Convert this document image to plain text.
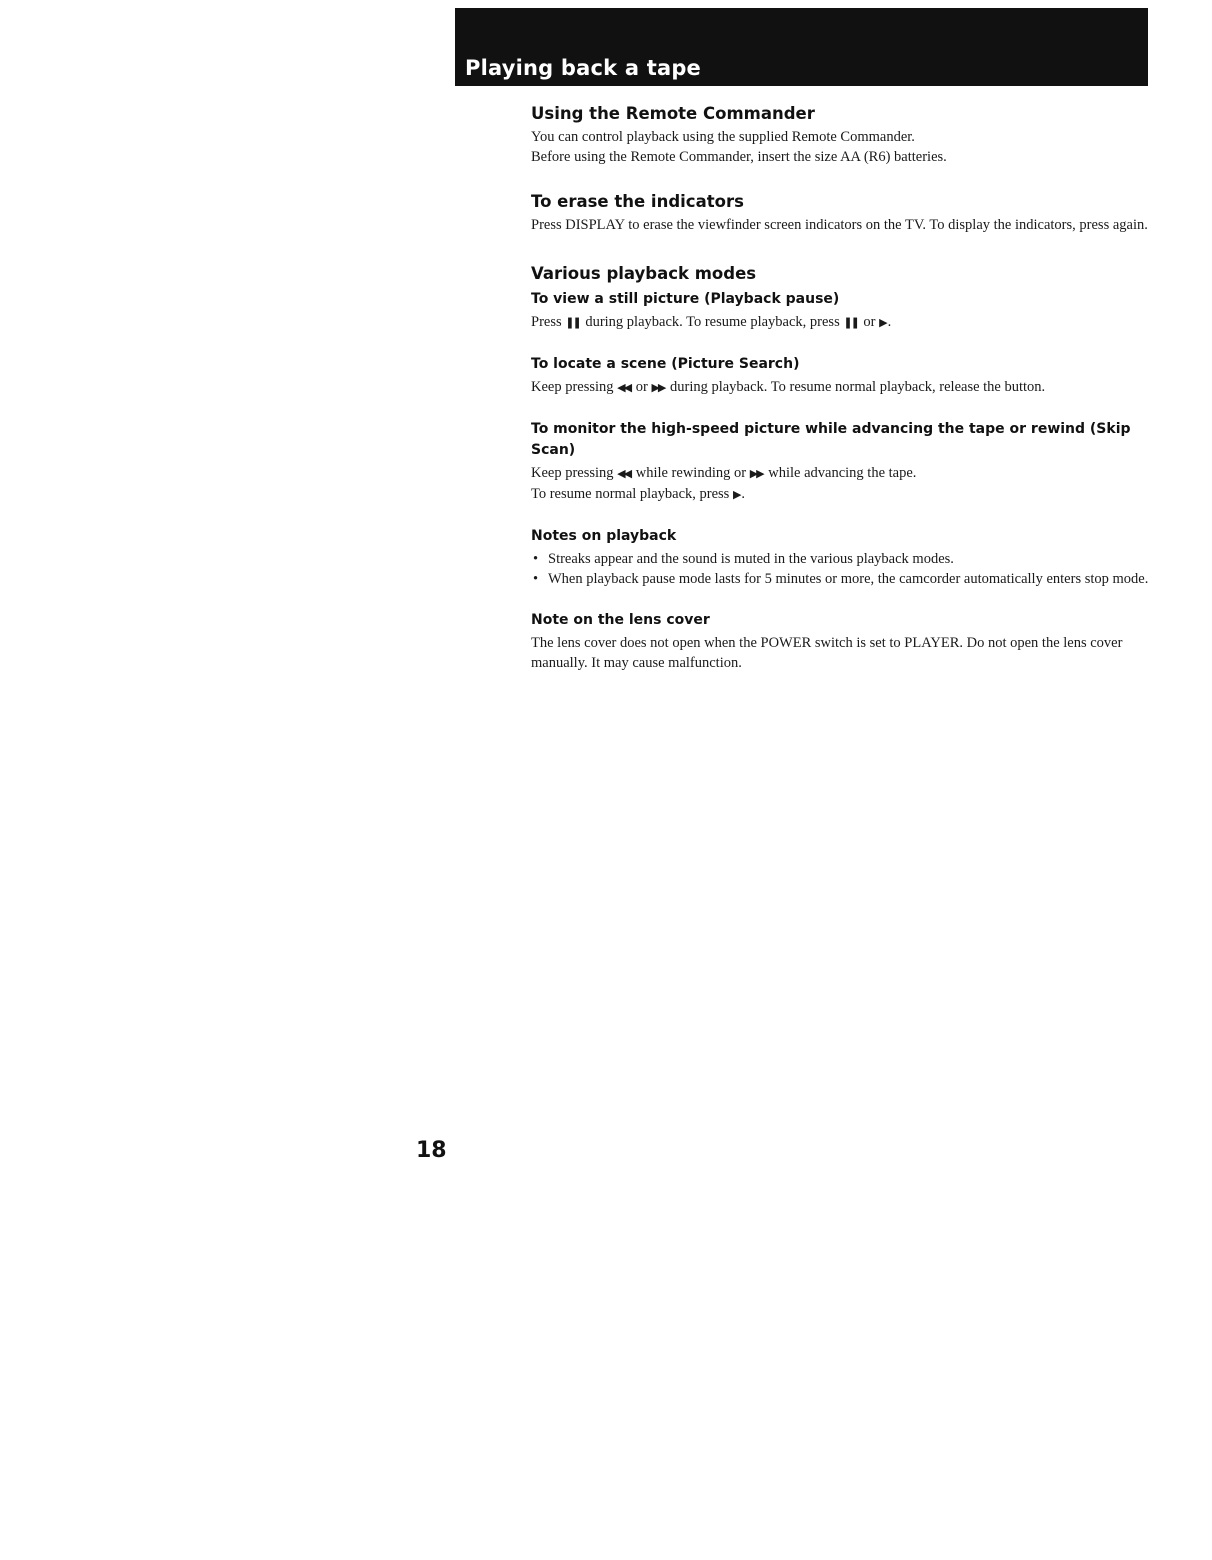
Playing back a tape
Using the Remote Commander

You can control playback using the supplied Remote Commander.

Before using the Remote Commander, insert the size AA (R6) batteries.

To erase the indicators

Press DISPLAY to erase the viewfinder screen indicators on the TV. To display the indicators, press again.

Various playback modes
To view a still picture (Playback pause)

Press ❚❚ during playback. To resume playback, press ❚❚ or ▶ .

To locate a scene (Picture Search)

Keep pressing ◀◀ or ▶▶ during playback. To resume normal playback, release the button.

To monitor the high-speed picture while advancing the tape or rewind (Skip Scan)

Keep pressing ◀◀ while rewinding or ▶▶ while advancing the tape.

To resume normal playback, press ▶ .

Notes on playback
• Streaks appear and the sound is muted in the various playback modes.
• When playback pause mode lasts for 5 minutes or more, the camcorder automatically enters stop mode.
Note on the lens cover

The lens cover does not open when the POWER switch is set to PLAYER. Do not open the lens cover manually. It may cause malfunction.

18
